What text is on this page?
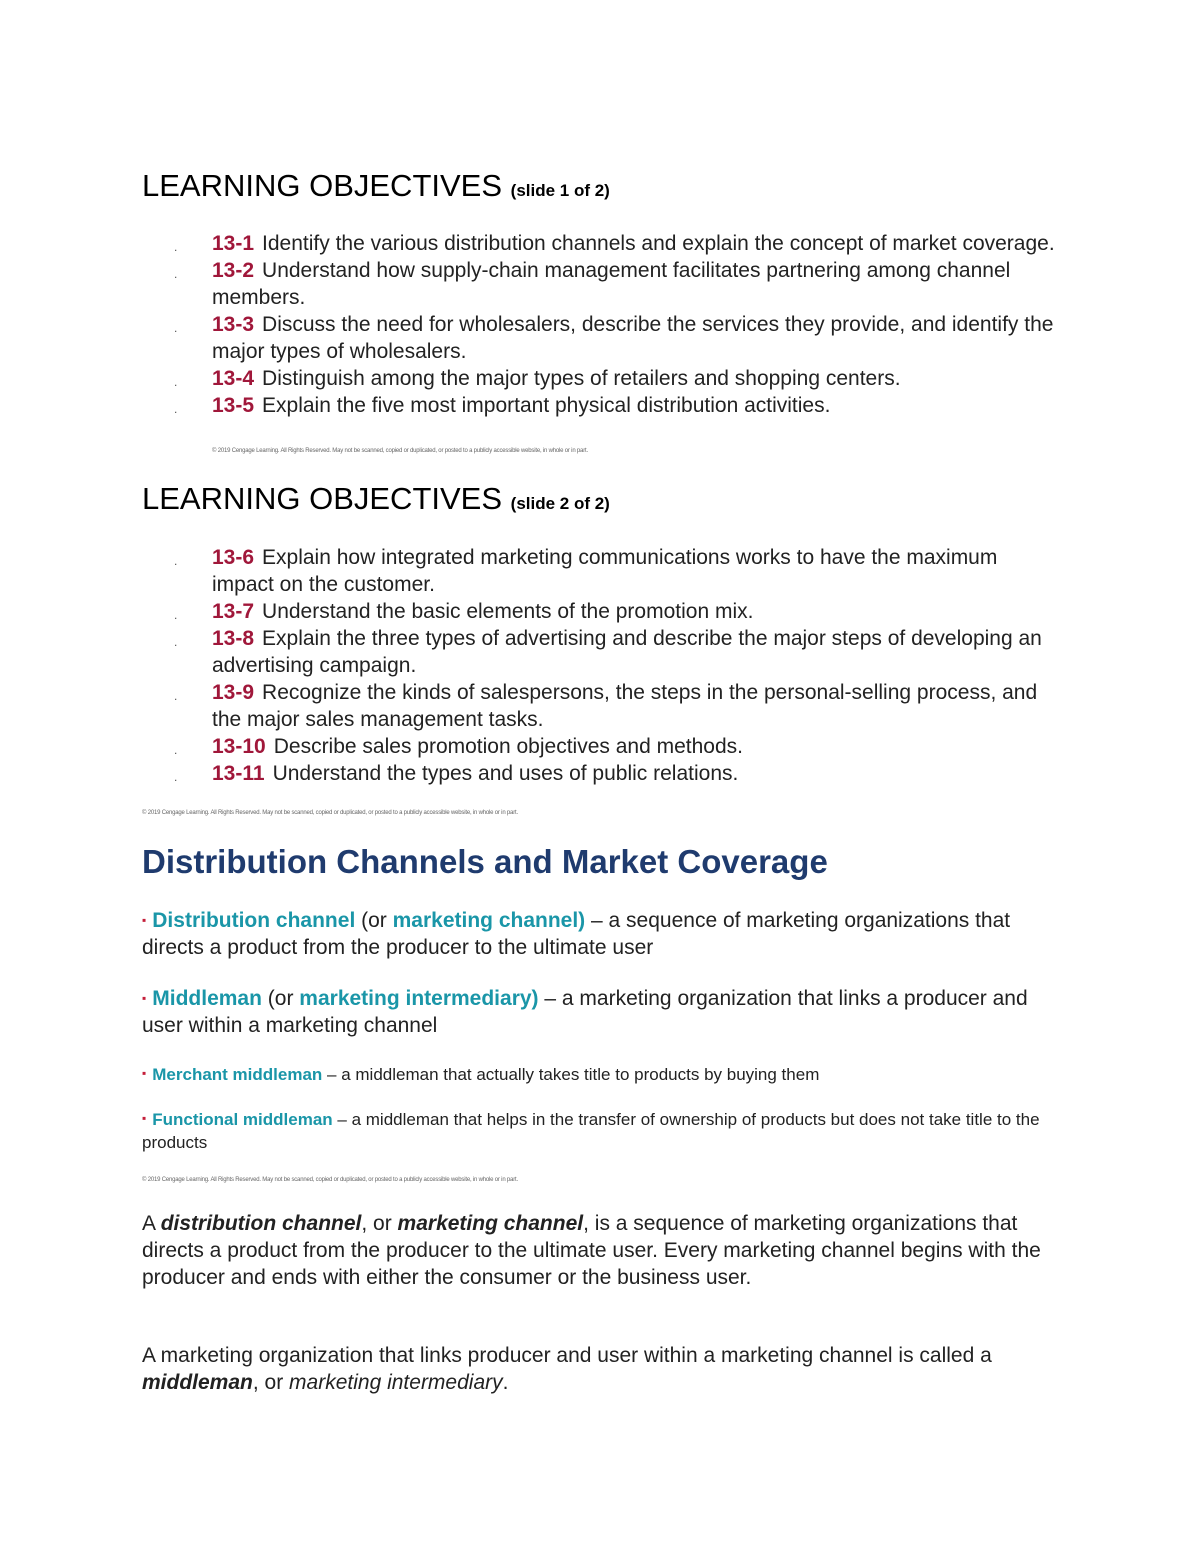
LEARNING OBJECTIVES (slide 1 of 2)
. 13-1 Identify the various distribution channels and explain the concept of market coverage.
. 13-2 Understand how supply-chain management facilitates partnering among channel members.
. 13-3 Discuss the need for wholesalers, describe the services they provide, and identify the major types of wholesalers.
. 13-4 Distinguish among the major types of retailers and shopping centers.
. 13-5 Explain the five most important physical distribution activities.
© 2019 Cengage Learning. All Rights Reserved. May not be scanned, copied or duplicated, or posted to a publicly accessible website, in whole or in part.
LEARNING OBJECTIVES (slide 2 of 2)
. 13-6 Explain how integrated marketing communications works to have the maximum impact on the customer.
. 13-7 Understand the basic elements of the promotion mix.
. 13-8 Explain the three types of advertising and describe the major steps of developing an advertising campaign.
. 13-9 Recognize the kinds of salespersons, the steps in the personal-selling process, and the major sales management tasks.
. 13-10 Describe sales promotion objectives and methods.
. 13-11 Understand the types and uses of public relations.
© 2019 Cengage Learning. All Rights Reserved. May not be scanned, copied or duplicated, or posted to a publicly accessible website, in whole or in part.
Distribution Channels and Market Coverage
▪ Distribution channel (or marketing channel) – a sequence of marketing organizations that directs a product from the producer to the ultimate user
▪ Middleman (or marketing intermediary) – a marketing organization that links a producer and user within a marketing channel
▪ Merchant middleman – a middleman that actually takes title to products by buying them
▪ Functional middleman – a middleman that helps in the transfer of ownership of products but does not take title to the products
© 2019 Cengage Learning. All Rights Reserved. May not be scanned, copied or duplicated, or posted to a publicly accessible website, in whole or in part.

A distribution channel, or marketing channel, is a sequence of marketing organizations that directs a product from the producer to the ultimate user. Every marketing channel begins with the producer and ends with either the consumer or the business user.

A marketing organization that links producer and user within a marketing channel is called a middleman, or marketing intermediary.
